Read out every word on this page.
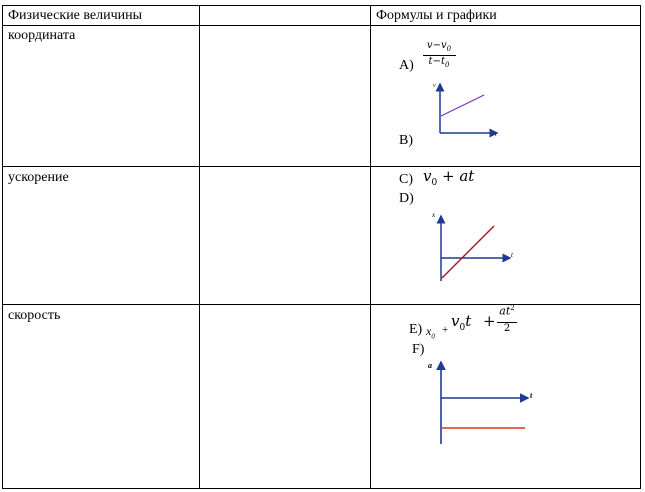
Физические величины	Формулы и графики
координата
ускорение
скорость
A)
$v-v_0$
$t-t_0$
v
t
B)
C) $v_0$ + at
D)
x
t
E) $x_0$
+ $v_0t$ +
$at^2$
2
F)
a
t
